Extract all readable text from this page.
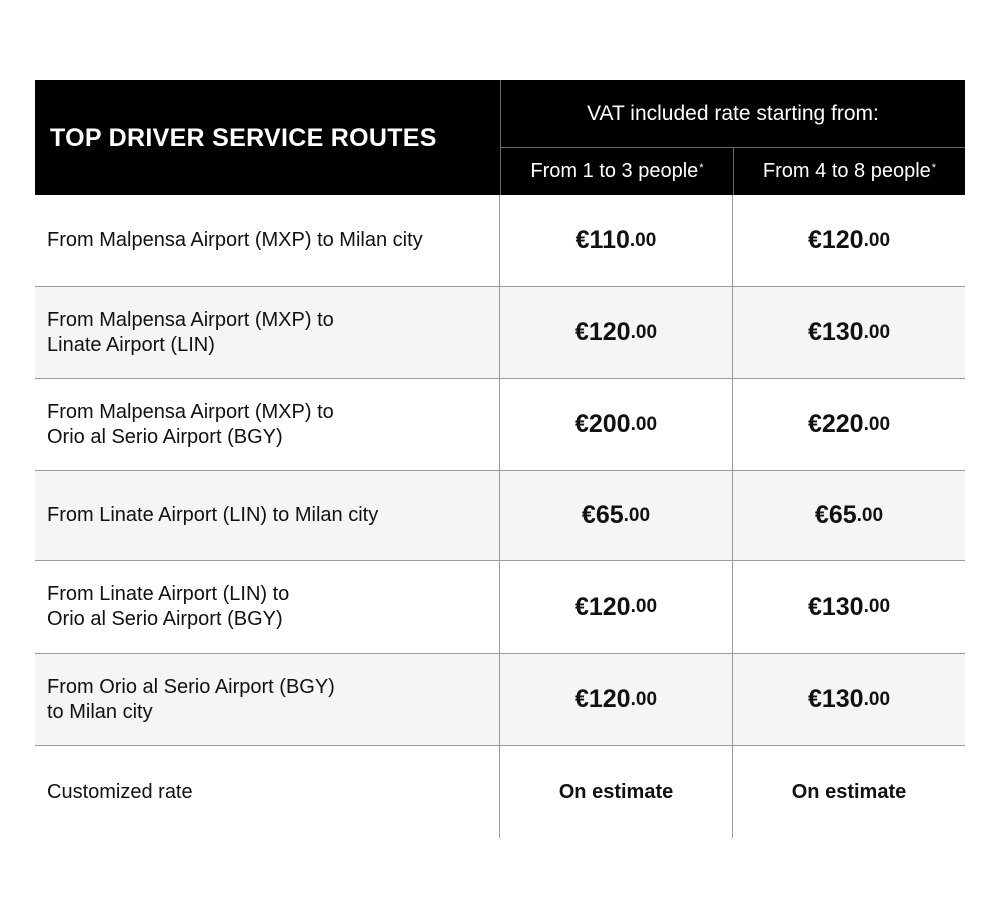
TOP DRIVER SERVICE ROUTES
VAT included rate starting from:
From 1 to 3 people*	From 4 to 8 people*
From Malpensa Airport (MXP) to Milan city	€110 .00	€120 .00
From Malpensa Airport (MXP) to
Linate Airport (LIN)	€120 .00	€130 .00
From Malpensa Airport (MXP) to
Orio al Serio Airport (BGY)	€200 .00	€220 .00
From Linate Airport (LIN) to Milan city	€65 .00	€65 .00
From Linate Airport (LIN) to
Orio al Serio Airport (BGY)	€120 .00	€130 .00
From Orio al Serio Airport (BGY)
to Milan city	€120 .00	€130 .00
Customized rate	On estimate	On estimate
